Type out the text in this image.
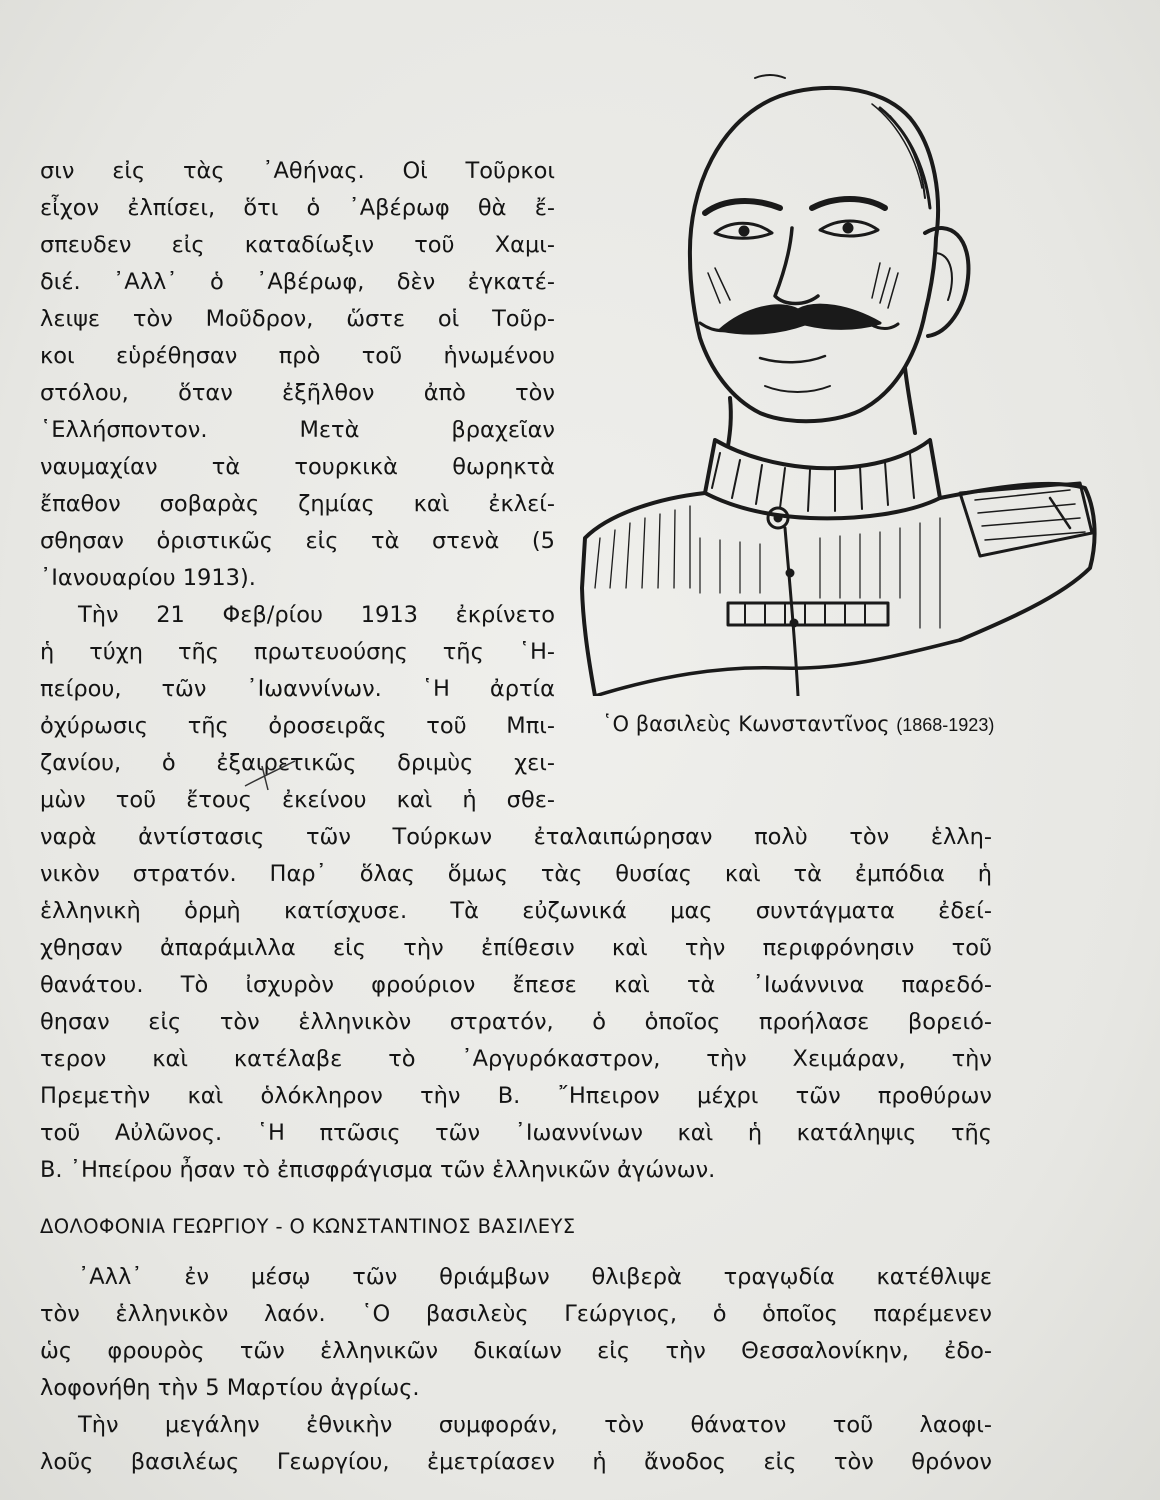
῾Ο βασιλεὺς Κωνσταντῖνος (1868-1923)
σιν εἰς τὰς ᾽Αθήνας. Οἱ Τοῦρκοι
εἶχον ἐλπίσει, ὅτι ὁ ᾽Αβέρωφ θὰ ἔ-
σπευδεν εἰς καταδίωξιν τοῦ Χαμι-
διέ. ᾽Αλλ᾽ ὁ ᾽Αβέρωφ, δὲν ἐγκατέ-
λειψε τὸν Μοῦδρον, ὥστε οἱ Τοῦρ-
κοι εὑρέθησαν πρὸ τοῦ ἡνωμένου
στόλου, ὅταν ἐξῆλθον ἀπὸ τὸν
῾Ελλήσποντον. Μετὰ βραχεῖαν
ναυμαχίαν τὰ τουρκικὰ θωρηκτὰ
ἔπαθον σοβαρὰς ζημίας καὶ ἐκλεί-
σθησαν ὁριστικῶς εἰς τὰ στενὰ (5
᾽Ιανουαρίου 1913).
Τὴν 21 Φεβ/ρίου 1913 ἐκρίνετο
ἡ τύχη τῆς πρωτευούσης τῆς ῾Η-
πείρου, τῶν ᾽Ιωαννίνων. ῾Η ἀρτία
ὀχύρωσις τῆς ὀροσειρᾶς τοῦ Μπι-
ζανίου, ὁ ἐξαιρετικῶς δριμὺς χει-
μὼν τοῦ ἔτους ἐκείνου καὶ ἡ σθε-
ναρὰ ἀντίστασις τῶν Τούρκων ἐταλαιπώρησαν πολὺ τὸν ἑλλη-
νικὸν στρατόν. Παρ᾽ ὅλας ὅμως τὰς θυσίας καὶ τὰ ἐμπόδια ἡ
ἑλληνικὴ ὁρμὴ κατίσχυσε. Τὰ εὐζωνικά μας συντάγματα ἐδεί-
χθησαν ἀπαράμιλλα εἰς τὴν ἐπίθεσιν καὶ τὴν περιφρόνησιν τοῦ
θανάτου. Τὸ ἰσχυρὸν φρούριον ἔπεσε καὶ τὰ ᾽Ιωάννινα παρεδό-
θησαν εἰς τὸν ἑλληνικὸν στρατόν, ὁ ὁποῖος προήλασε βορειό-
τερον καὶ κατέλαβε τὸ ᾽Αργυρόκαστρον, τὴν Χειμάραν, τὴν
Πρεμετὴν καὶ ὁλόκληρον τὴν Β. ῎Ηπειρον μέχρι τῶν προθύρων
τοῦ Αὐλῶνος. ῾Η πτῶσις τῶν ᾽Ιωαννίνων καὶ ἡ κατάληψις τῆς
Β. ᾽Ηπείρου ἦσαν τὸ ἐπισφράγισμα τῶν ἑλληνικῶν ἀγώνων.
ΔΟΛΟΦΟΝΙΑ ΓΕΩΡΓΙΟΥ - Ο ΚΩΝΣΤΑΝΤΙΝΟΣ ΒΑΣΙΛΕΥΣ
᾽Αλλ᾽ ἐν μέσῳ τῶν θριάμβων θλιβερὰ τραγῳδία κατέθλιψε
τὸν ἑλληνικὸν λαόν. ῾Ο βασιλεὺς Γεώργιος, ὁ ὁποῖος παρέμενεν
ὡς φρουρὸς τῶν ἑλληνικῶν δικαίων εἰς τὴν Θεσσαλονίκην, ἐδο-
λοφονήθη τὴν 5 Μαρτίου ἀγρίως.
Τὴν μεγάλην ἐθνικὴν συμφοράν, τὸν θάνατον τοῦ λαοφι-
λοῦς βασιλέως Γεωργίου, ἐμετρίασεν ἡ ἄνοδος εἰς τὸν θρόνον
